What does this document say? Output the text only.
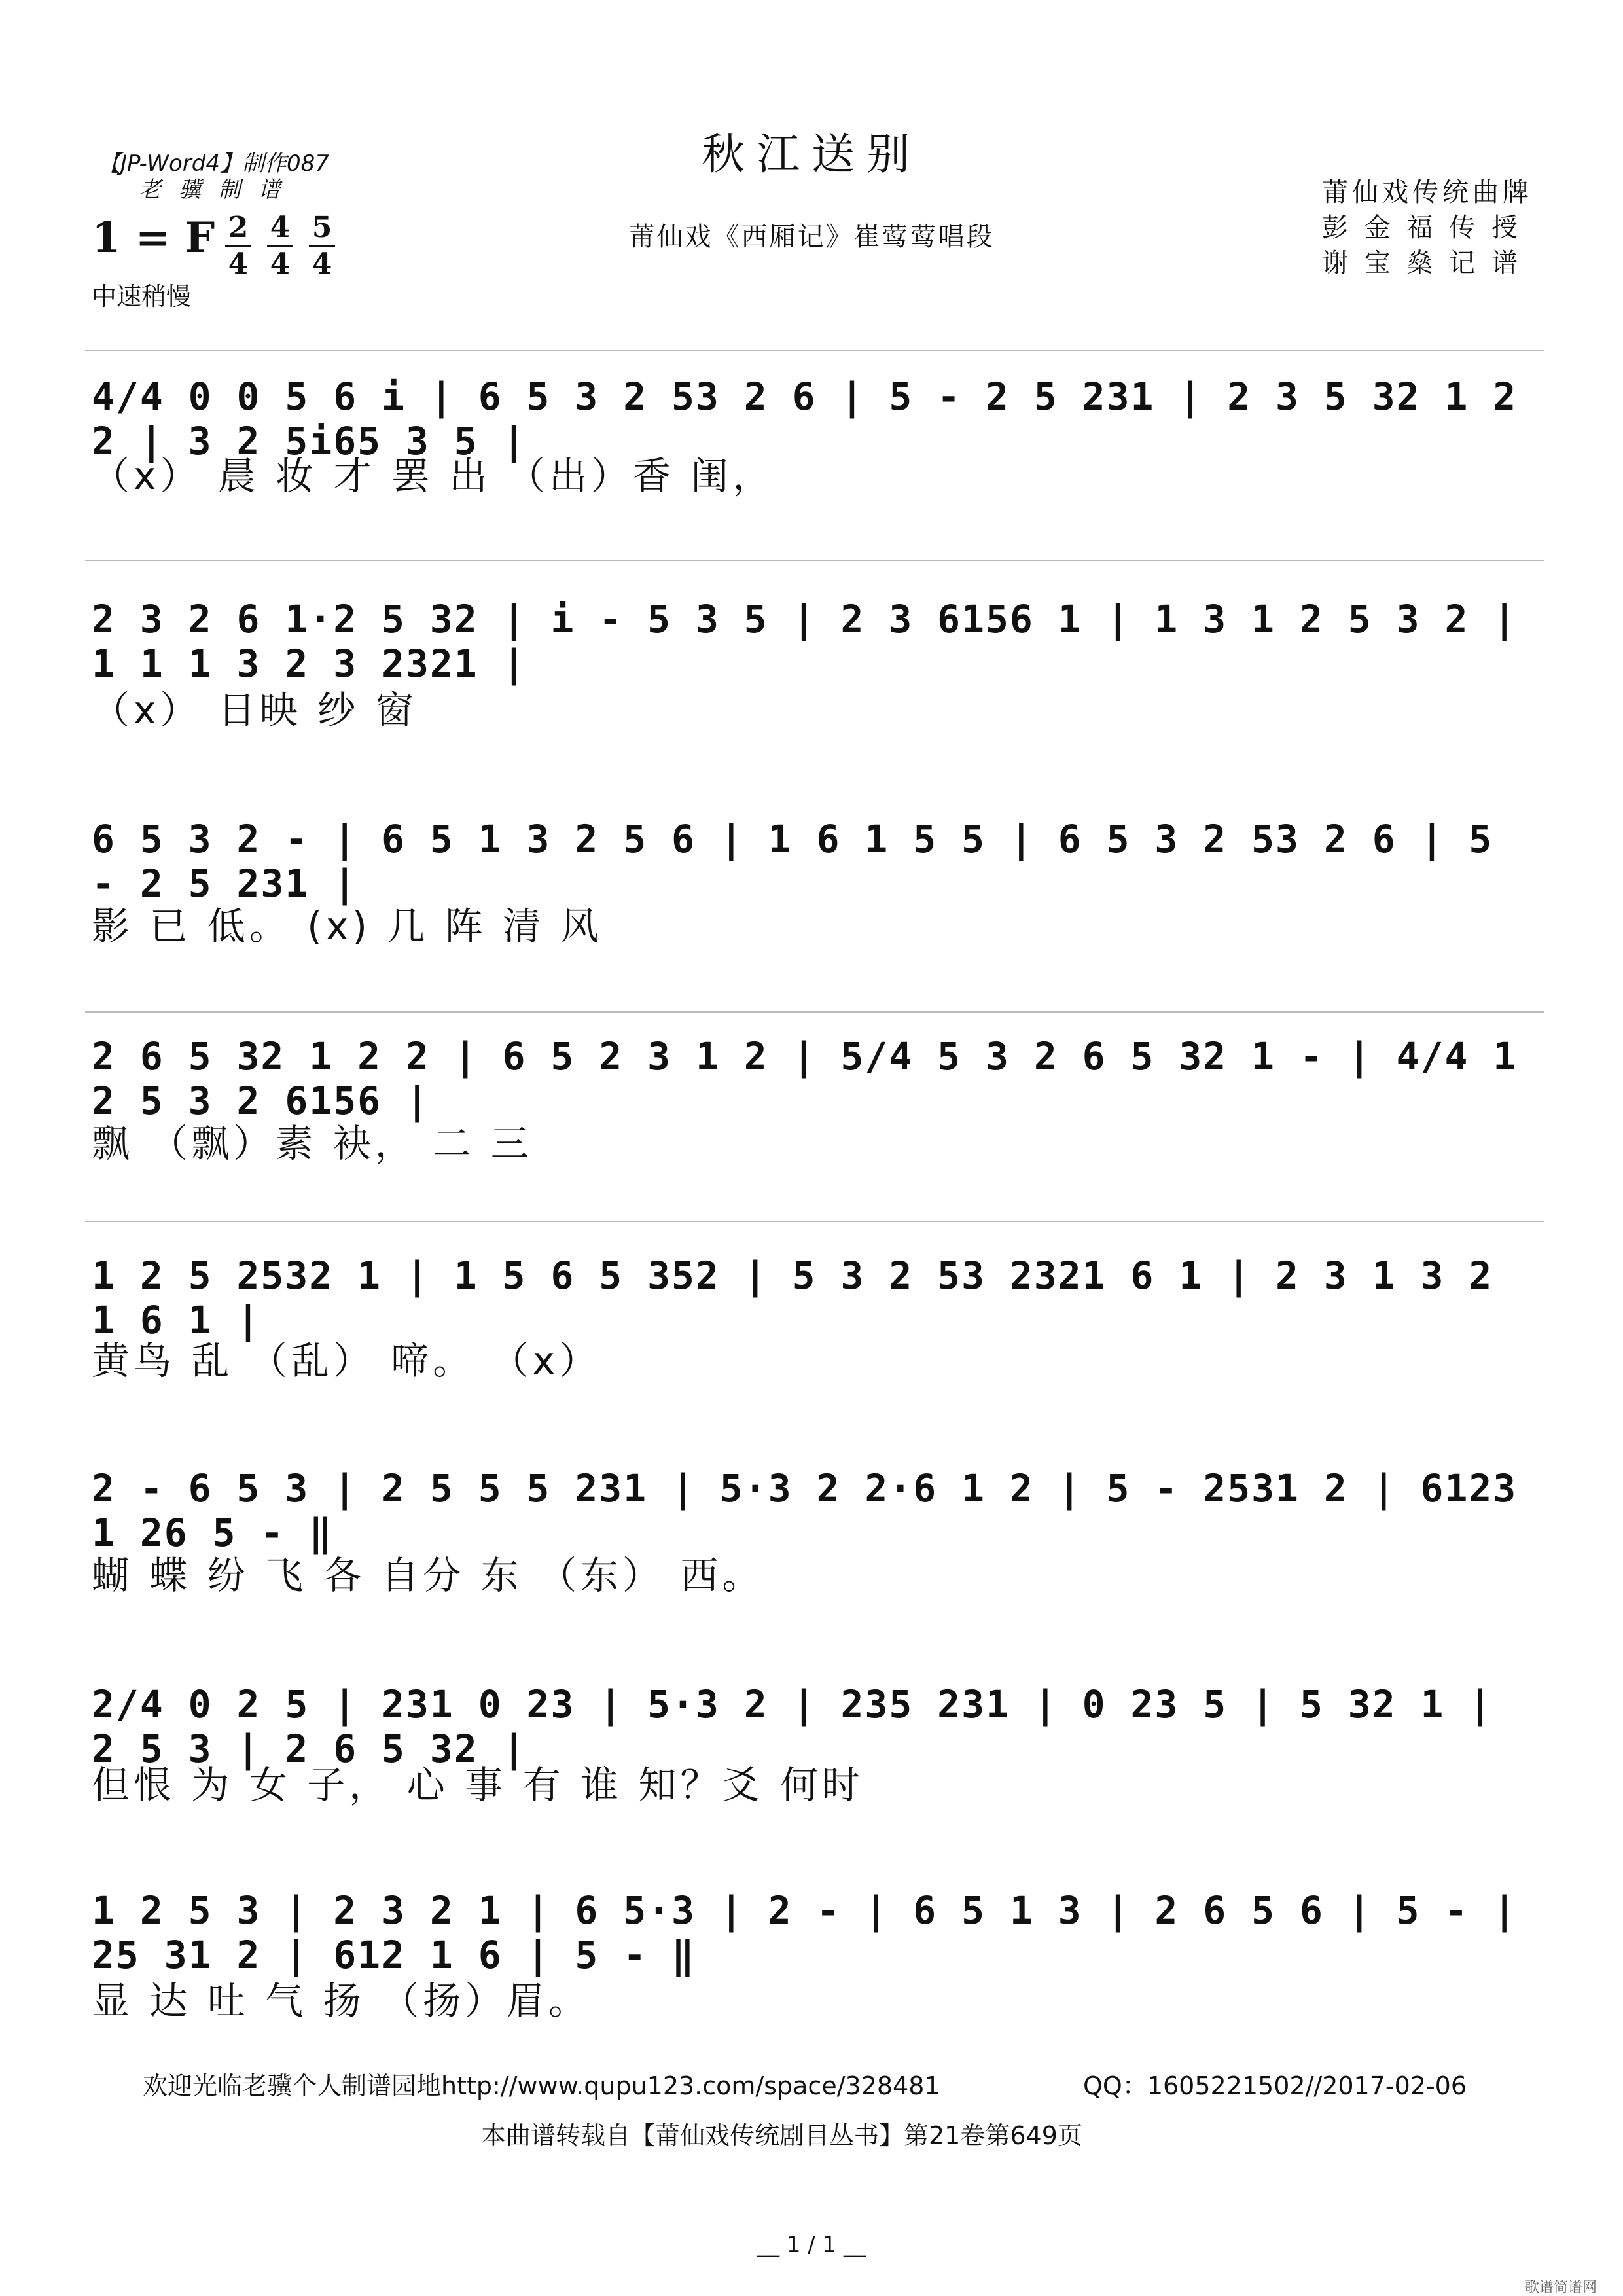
秋江送别
莆仙戏《西厢记》崔莺莺唱段
【JP-Word4】制作087
老 骥 制 谱
1 = F 2
4
4
4
5
4
中速稍慢
莆仙戏传统曲牌
彭 金 福 传 授
谢 宝 燊 记 谱
4/4 0 0 5 6 i | 6 5 3 2 53 2 6 | 5 - 2 5 231 | 2 3 5 32 1 2 2 | 3 2 5i65 3 5 |
（x） 晨 妆 才 罢 出 （出）香 闺，
2 3 2 6 1·2 5 32 | i - 5 3 5 | 2 3 6156 1 | 1 3 1 2 5 3 2 | 1 1 1 3 2 3 2321 |
（x） 日映 纱 窗
6 5 3 2 - | 6 5 1 3 2 5 6 | 1 6 1 5 5 | 6 5 3 2 53 2 6 | 5 - 2 5 231 |
影 已 低。 (x) 几 阵 清 风
2 6 5 32 1 2 2 | 6 5 2 3 1 2 | 5/4 5 3 2 6 5 32 1 - | 4/4 1 2 5 3 2 6156 |
飘 （飘）素 袂， 二 三
1 2 5 2532 1 | 1 5 6 5 352 | 5 3 2 53 2321 6 1 | 2 3 1 3 2 1 6 1 |
黄鸟 乱 （乱） 啼。 （x）
2 - 6 5 3 | 2 5 5 5 231 | 5·3 2 2·6 1 2 | 5 - 2531 2 | 6123 1 26 5 - ‖
蝴 蝶 纷 飞 各 自分 东 （东） 西。
2/4 0 2 5 | 231 0 23 | 5·3 2 | 235 231 | 0 23 5 | 5 32 1 | 2 5 3 | 2 6 5 32 |
但恨 为 女 子， 心 事 有 谁 知？爻 何时
1 2 5 3 | 2 3 2 1 | 6 5·3 | 2 - | 6 5 1 3 | 2 6 5 6 | 5 - | 25 31 2 | 612 1 6 | 5 - ‖
显 达 吐 气 扬 （扬）眉。
欢迎光临老骥个人制谱园地http://www.qupu123.com/space/328481	QQ：1605221502//2017-02-06
本曲谱转载自【莆仙戏传统剧目丛书】第21卷第649页
__ 1 / 1 __
歌谱简谱网
